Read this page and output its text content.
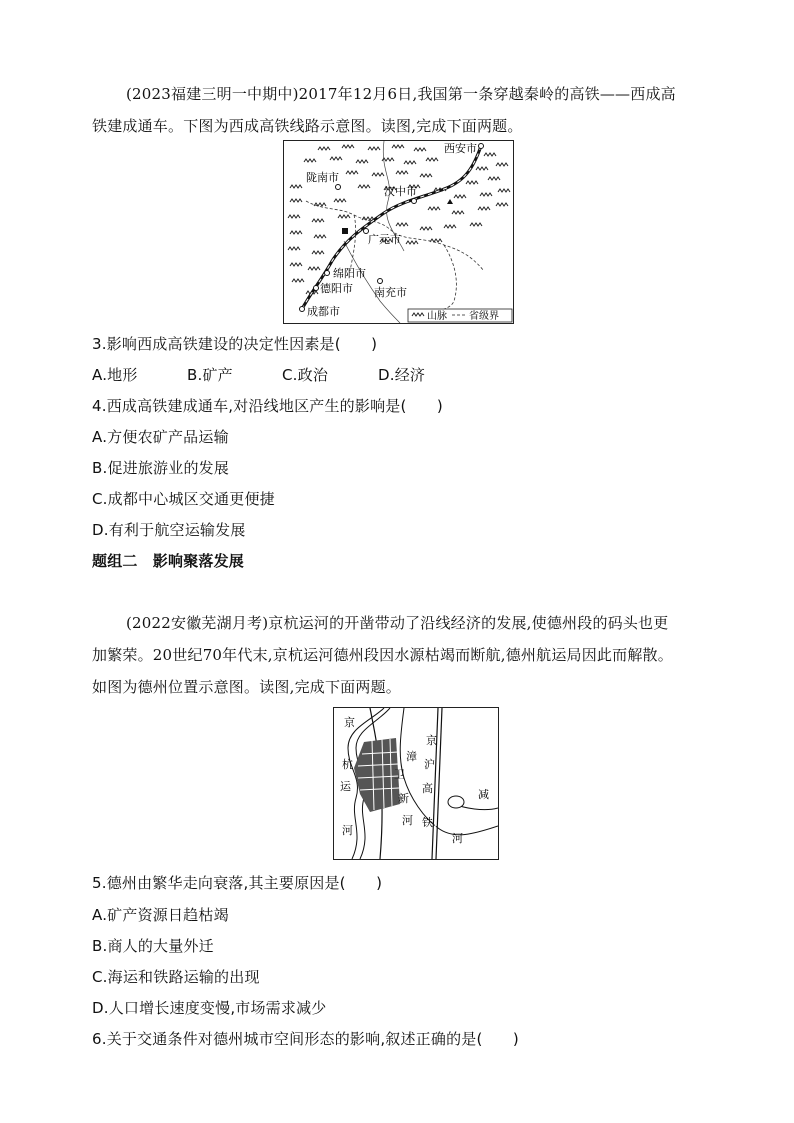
(2023福建三明一中期中)2017年12月6日,我国第一条穿越秦岭的高铁——西成高
铁建成通车。下图为西成高铁线路示意图。读图,完成下面两题。
西安市
陇南市
汉中市
广元市
绵阳市
德阳市 南充市
成都市	山脉 省级界
3.影响西成高铁建设的决定性因素是(　　)
A.地形	B.矿产	C.政治	D.经济
4.西成高铁建成通车,对沿线地区产生的影响是(　　)
A.方便农矿产品运输
B.促进旅游业的发展
C.成都中心城区交通更便捷
D.有利于航空运输发展
题组二　影响聚落发展
(2022安徽芜湖月考)京杭运河的开凿带动了沿线经济的发展,使德州段的码头也更
加繁荣。20世纪70年代末,京杭运河德州段因水源枯竭而断航,德州航运局因此而解散。
如图为德州位置示意图。读图,完成下面两题。
京
杭
运
河
漳
卫
新
河
京
沪
高
铁
减
河
5.德州由繁华走向衰落,其主要原因是(　　)
A.矿产资源日趋枯竭
B.商人的大量外迁
C.海运和铁路运输的出现
D.人口增长速度变慢,市场需求减少
6.关于交通条件对德州城市空间形态的影响,叙述正确的是(　　)
